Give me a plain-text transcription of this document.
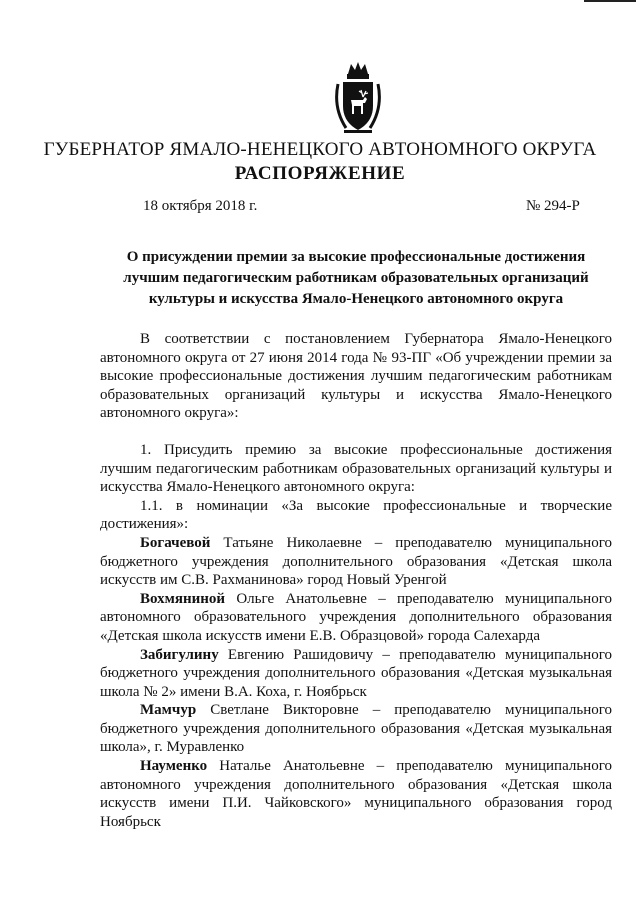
ГУБЕРНАТОР ЯМАЛО-НЕНЕЦКОГО АВТОНОМНОГО ОКРУГА
РАСПОРЯЖЕНИЕ
18 октября 2018 г.	№ 294-Р
О присуждении премии за высокие профессиональные достижения лучшим педагогическим работникам образовательных организаций культуры и искусства Ямало-Ненецкого автономного округа

В соответствии с постановлением Губернатора Ямало-Ненецкого автономного округа от 27 июня 2014 года № 93-ПГ «Об учреждении премии за высокие профессиональные достижения лучшим педагогическим работникам образовательных организаций культуры и искусства Ямало-Ненецкого автономного округа»:

1. Присудить премию за высокие профессиональные достижения лучшим педагогическим работникам образовательных организаций культуры и искусства Ямало-Ненецкого автономного округа:

1.1. в номинации «За высокие профессиональные и творческие достижения»:

Богачевой Татьяне Николаевне – преподавателю муниципального бюджетного учреждения дополнительного образования «Детская школа искусств им С.В. Рахманинова» город Новый Уренгой

Вохмяниной Ольге Анатольевне – преподавателю муниципального автономного образовательного учреждения дополнительного образования «Детская школа искусств имени Е.В. Образцовой» города Салехарда

Забигулину Евгению Рашидовичу – преподавателю муниципального бюджетного учреждения дополнительного образования «Детская музыкальная школа № 2» имени В.А. Коха, г. Ноябрьск

Мамчур Светлане Викторовне – преподавателю муниципального бюджетного учреждения дополнительного образования «Детская музыкальная школа», г. Муравленко

Науменко Наталье Анатольевне – преподавателю муниципального автономного учреждения дополнительного образования «Детская школа искусств имени П.И. Чайковского» муниципального образования город Ноябрьск
